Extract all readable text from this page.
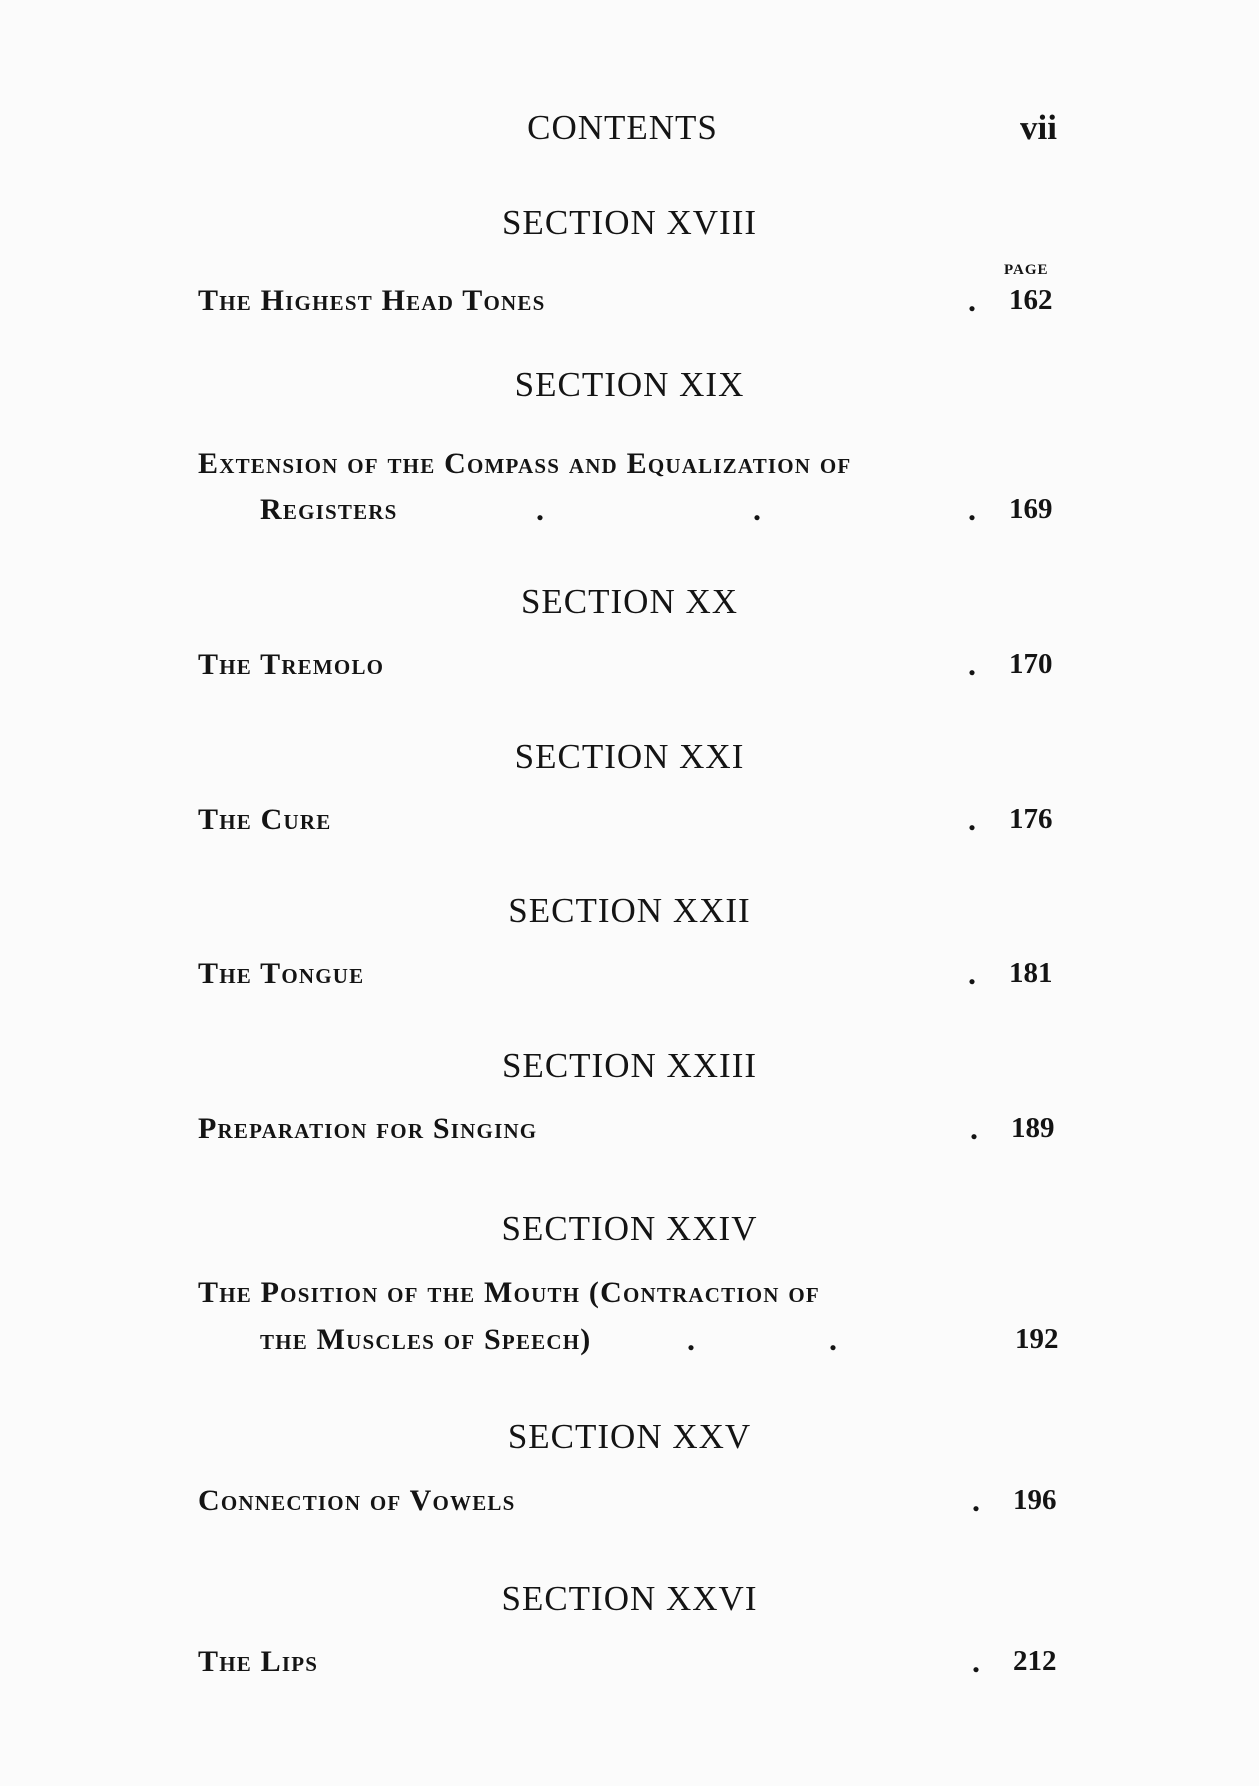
CONTENTS	vii
SECTION XVIII
PAGE
The Highest Head Tones	. 162
SECTION XIX
Extension of the Compass and Equalization of
Registers	.	.	. 169
SECTION XX
The Tremolo	. 170
SECTION XXI
The Cure	. 176
SECTION XXII
The Tongue	. 181
SECTION XXIII
Preparation for Singing	. 189
SECTION XXIV
The Position of the Mouth (Contraction of
the Muscles of Speech)	.	.	192
SECTION XXV
Connection of Vowels	. 196
SECTION XXVI
The Lips	. 212
